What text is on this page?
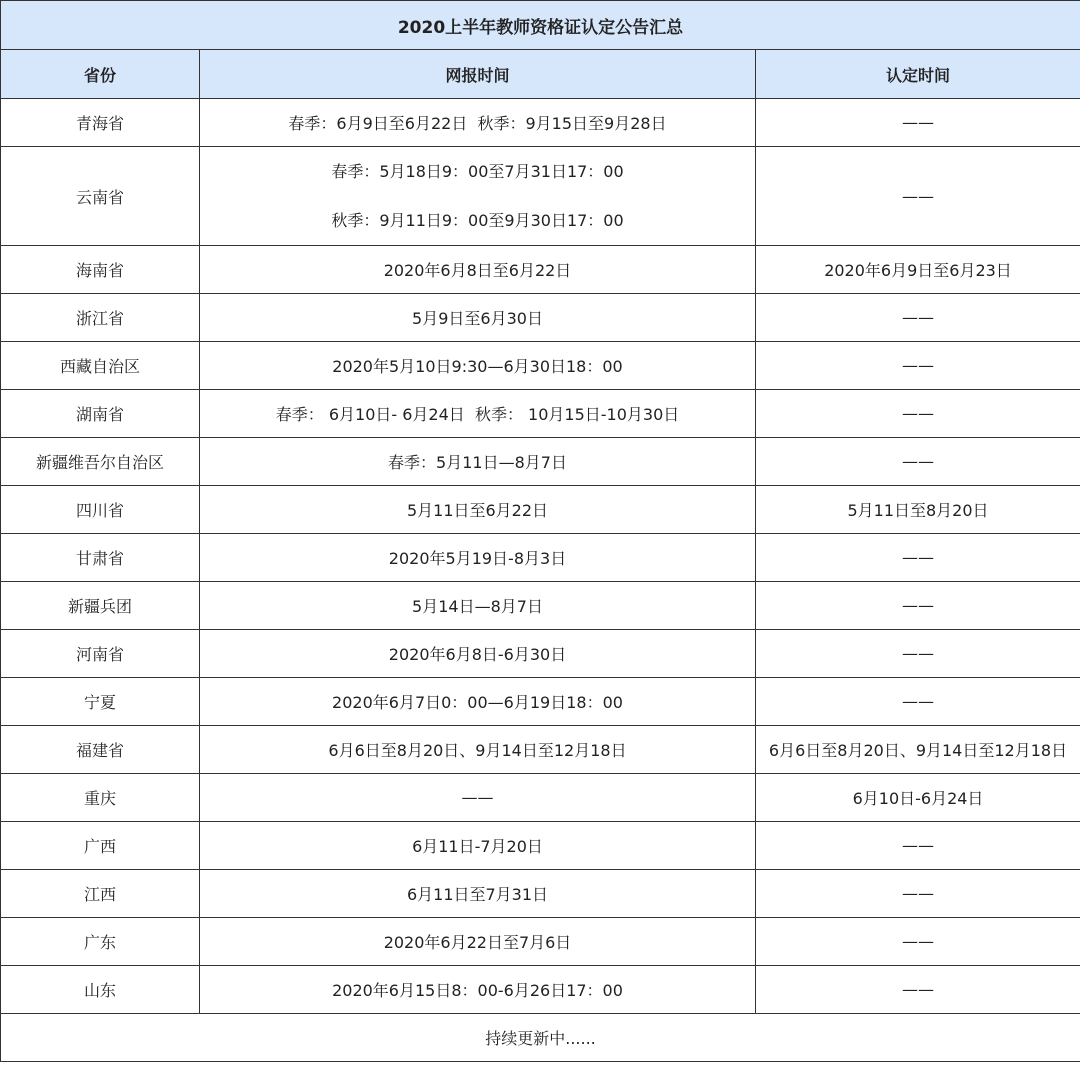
2020上半年教师资格证认定公告汇总		
省份	网报时间	认定时间
青海省	春季：6月9日至6月22日  秋季：9月15日至9月28日	——
云南省	春季：5月18日9：00至7月31日17：00
秋季：9月11日9：00至9月30日17：00	——
海南省	2020年6月8日至6月22日	2020年6月9日至6月23日
浙江省	5月9日至6月30日	——
西藏自治区	2020年5月10日9:30—6月30日18：00	——
湖南省	春季： 6月10日- 6月24日  秋季： 10月15日-10月30日	——
新疆维吾尔自治区	春季：5月11日—8月7日	——
四川省	5月11日至6月22日	5月11日至8月20日
甘肃省	2020年5月19日-8月3日	——
新疆兵团	5月14日—8月7日	——
河南省	2020年6月8日-6月30日	——
宁夏	2020年6月7日0：00—6月19日18：00	——
福建省	6月6日至8月20日、9月14日至12月18日	6月6日至8月20日、9月14日至12月18日
重庆	——	6月10日-6月24日
广西	6月11日-7月20日	——
江西	6月11日至7月31日	——
广东	2020年6月22日至7月6日	——
山东	2020年6月15日8：00-6月26日17：00	——
持续更新中......		
